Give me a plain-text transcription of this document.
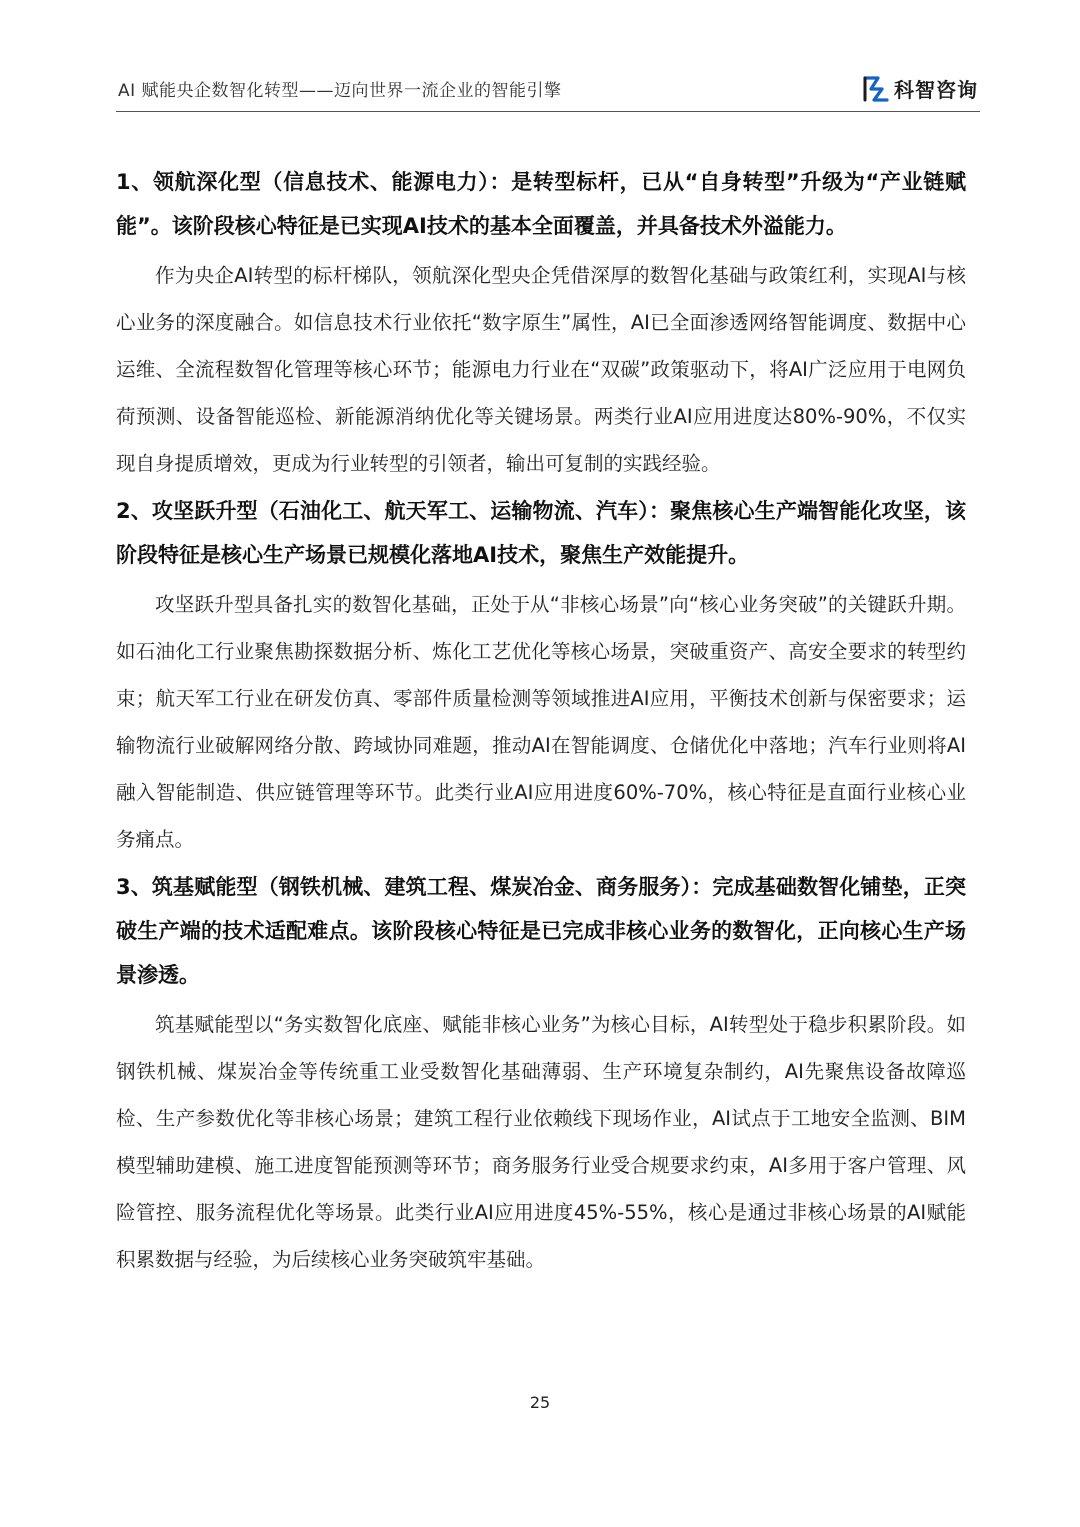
AI 赋能央企数智化转型——迈向世界一流企业的智能引擎	科智咨询

1、领航深化型（信息技术、能源电力）：是转型标杆，已从“自身转型”升级为“产业链赋能”。该阶段核心特征是已实现AI技术的基本全面覆盖，并具备技术外溢能力。

作为央企AI转型的标杆梯队，领航深化型央企凭借深厚的数智化基础与政策红利，实现AI与核心业务的深度融合。如信息技术行业依托“数字原生”属性，AI已全面渗透网络智能调度、数据中心运维、全流程数智化管理等核心环节；能源电力行业在“双碳”政策驱动下，将AI广泛应用于电网负荷预测、设备智能巡检、新能源消纳优化等关键场景。两类行业AI应用进度达80%-90%，不仅实现自身提质增效，更成为行业转型的引领者，输出可复制的实践经验。

2、攻坚跃升型（石油化工、航天军工、运输物流、汽车）：聚焦核心生产端智能化攻坚，该阶段特征是核心生产场景已规模化落地AI技术，聚焦生产效能提升。

攻坚跃升型具备扎实的数智化基础，正处于从“非核心场景”向“核心业务突破”的关键跃升期。如石油化工行业聚焦勘探数据分析、炼化工艺优化等核心场景，突破重资产、高安全要求的转型约束；航天军工行业在研发仿真、零部件质量检测等领域推进AI应用，平衡技术创新与保密要求；运输物流行业破解网络分散、跨域协同难题，推动AI在智能调度、仓储优化中落地；汽车行业则将AI融入智能制造、供应链管理等环节。此类行业AI应用进度60%-70%，核心特征是直面行业核心业务痛点。

3、筑基赋能型（钢铁机械、建筑工程、煤炭冶金、商务服务）：完成基础数智化铺垫，正突破生产端的技术适配难点。该阶段核心特征是已完成非核心业务的数智化，正向核心生产场景渗透。

筑基赋能型以“务实数智化底座、赋能非核心业务”为核心目标，AI转型处于稳步积累阶段。如钢铁机械、煤炭冶金等传统重工业受数智化基础薄弱、生产环境复杂制约，AI先聚焦设备故障巡检、生产参数优化等非核心场景；建筑工程行业依赖线下现场作业，AI试点于工地安全监测、BIM模型辅助建模、施工进度智能预测等环节；商务服务行业受合规要求约束，AI多用于客户管理、风险管控、服务流程优化等场景。此类行业AI应用进度45%-55%，核心是通过非核心场景的AI赋能积累数据与经验，为后续核心业务突破筑牢基础。

25
